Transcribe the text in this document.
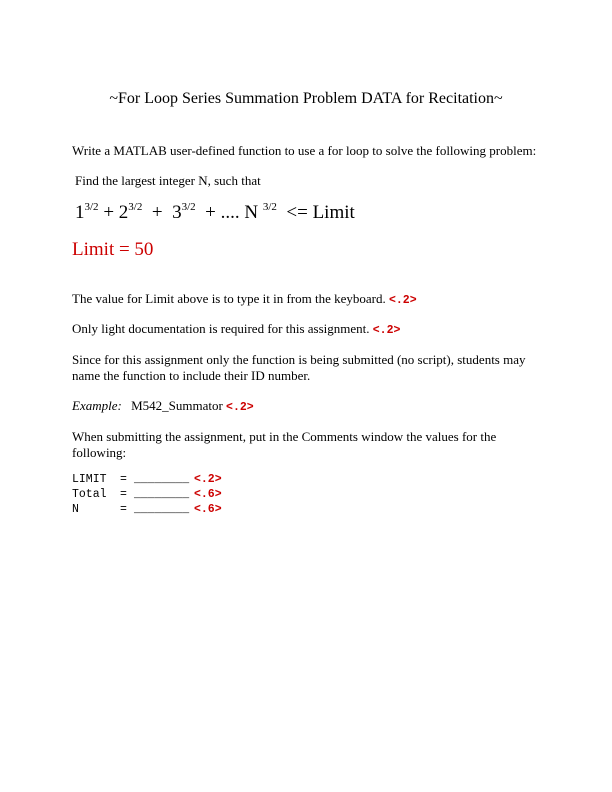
~For Loop Series Summation Problem DATA for Recitation~
Write a MATLAB user-defined function to use a for loop to solve the following problem:
Find the largest integer N, such that
$1^{3/2} + 2^{3/2} + 3^{3/2}$  + .... N $^{3/2}$  <= Limit
Limit = 50
The value for Limit above is to type it in from the keyboard. <.2>
Only light documentation is required for this assignment. <.2>
Since for this assignment only the function is being submitted (no script), students may name the function to include their ID number.
Example: M542_Summator <.2>
When submitting the assignment, put in the Comments window the values for the following:
LIMIT = ________ <.2>
Total = ________ <.6>
N	= ________ <.6>
